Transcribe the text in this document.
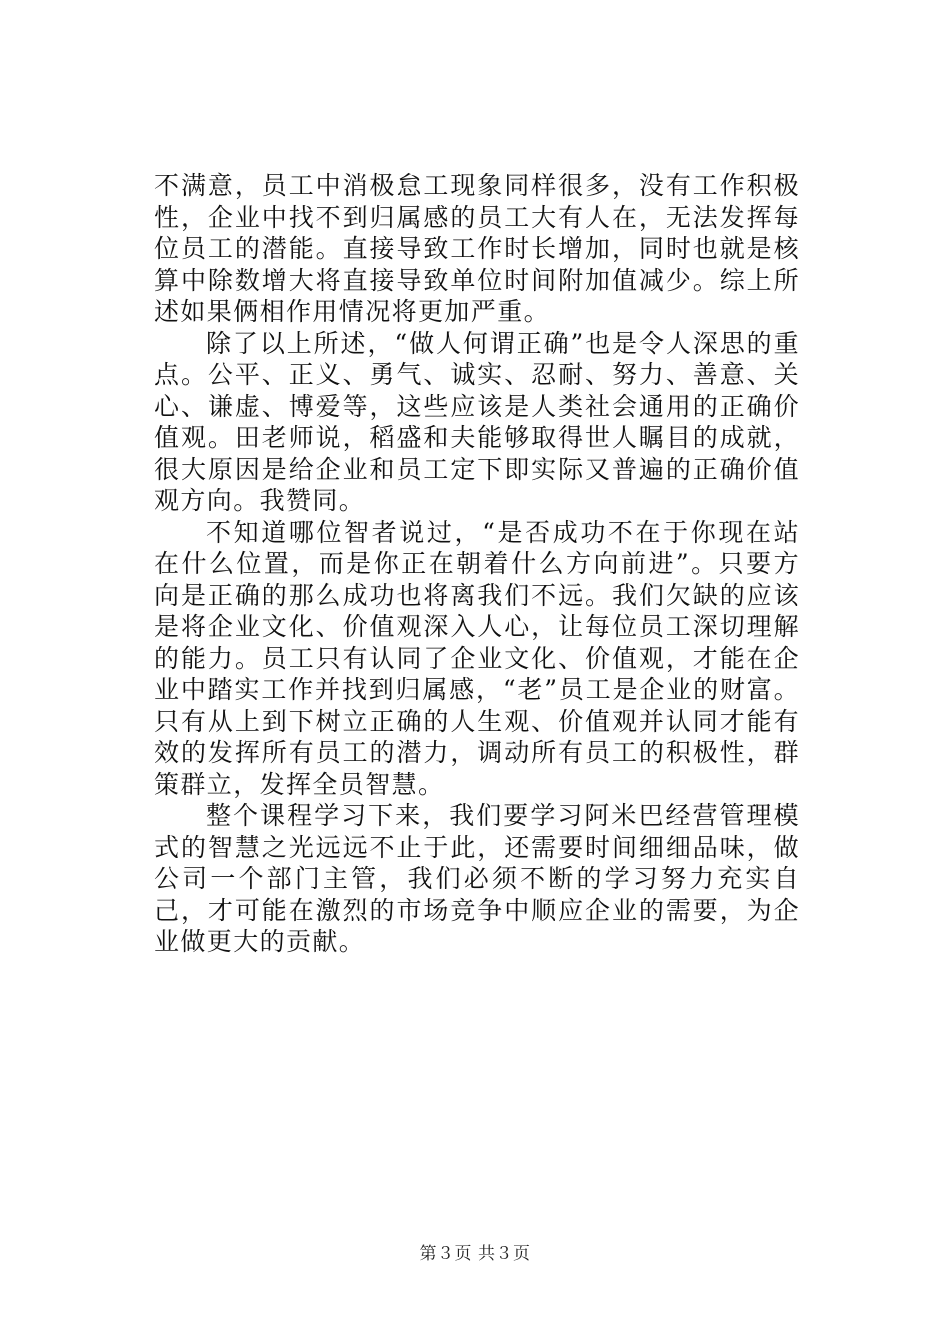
不满意，员工中消极怠工现象同样很多，没有工作积极性，企业中找不到归属感的员工大有人在，无法发挥每位员工的潜能。直接导致工作时长增加，同时也就是核算中除数增大将直接导致单位时间附加值减少。综上所述如果俩相作用情况将更加严重。

除了以上所述，“做人何谓正确”也是令人深思的重点。公平、正义、勇气、诚实、忍耐、努力、善意、关心、谦虚、博爱等，这些应该是人类社会通用的正确价值观。田老师说，稻盛和夫能够取得世人瞩目的成就，很大原因是给企业和员工定下即实际又普遍的正确价值观方向。我赞同。

不知道哪位智者说过，“是否成功不在于你现在站在什么位置，而是你正在朝着什么方向前进”。只要方向是正确的那么成功也将离我们不远。我们欠缺的应该是将企业文化、价值观深入人心，让每位员工深切理解的能力。员工只有认同了企业文化、价值观，才能在企业中踏实工作并找到归属感，“老”员工是企业的财富。只有从上到下树立正确的人生观、价值观并认同才能有效的发挥所有员工的潜力，调动所有员工的积极性，群策群立，发挥全员智慧。

整个课程学习下来，我们要学习阿米巴经营管理模式的智慧之光远远不止于此，还需要时间细细品味，做公司一个部门主管，我们必须不断的学习努力充实自己，才可能在激烈的市场竞争中顺应企业的需要，为企业做更大的贡献。

第３页 共３页
